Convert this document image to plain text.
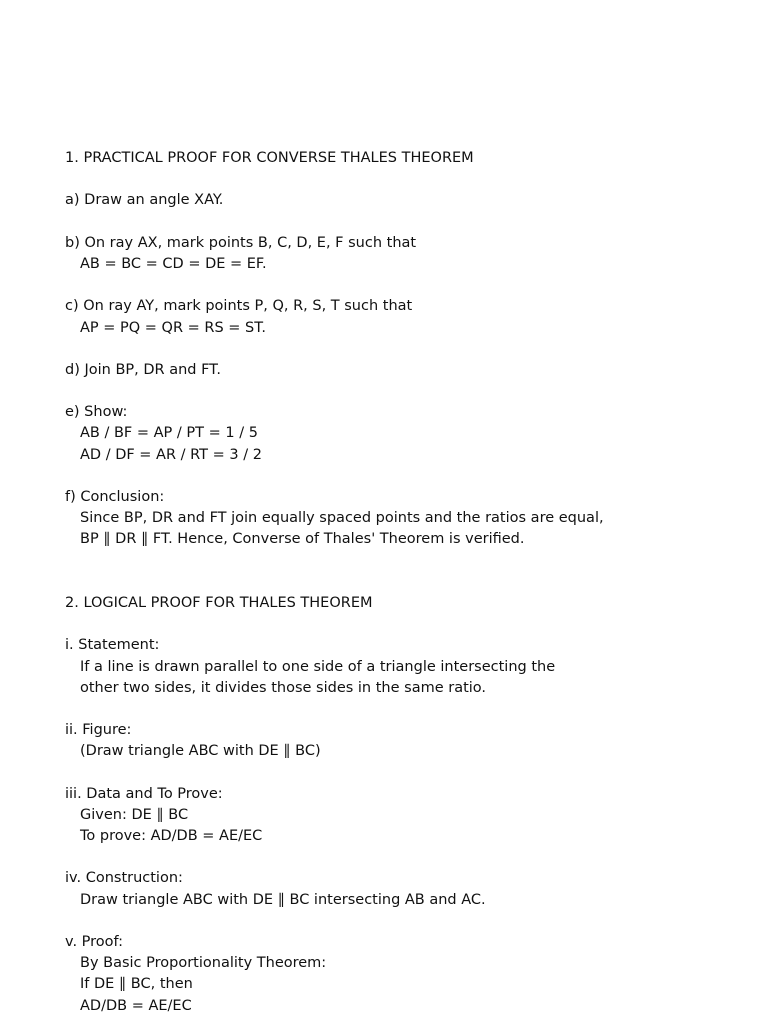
1. PRACTICAL PROOF FOR CONVERSE THALES THEOREM
a) Draw an angle XAY.
b) On ray AX, mark points B, C, D, E, F such that
AB = BC = CD = DE = EF.
c) On ray AY, mark points P, Q, R, S, T such that
AP = PQ = QR = RS = ST.
d) Join BP, DR and FT.
e) Show:
AB / BF = AP / PT = 1 / 5
AD / DF = AR / RT = 3 / 2
f) Conclusion:
Since BP, DR and FT join equally spaced points and the ratios are equal,
BP ∥ DR ∥ FT. Hence, Converse of Thales' Theorem is verified.
2. LOGICAL PROOF FOR THALES THEOREM
i. Statement:
If a line is drawn parallel to one side of a triangle intersecting the
other two sides, it divides those sides in the same ratio.
ii. Figure:
(Draw triangle ABC with DE ∥ BC)
iii. Data and To Prove:
Given: DE ∥ BC
To prove: AD/DB = AE/EC
iv. Construction:
Draw triangle ABC with DE ∥ BC intersecting AB and AC.
v. Proof:
By Basic Proportionality Theorem:
If DE ∥ BC, then
AD/DB = AE/EC
